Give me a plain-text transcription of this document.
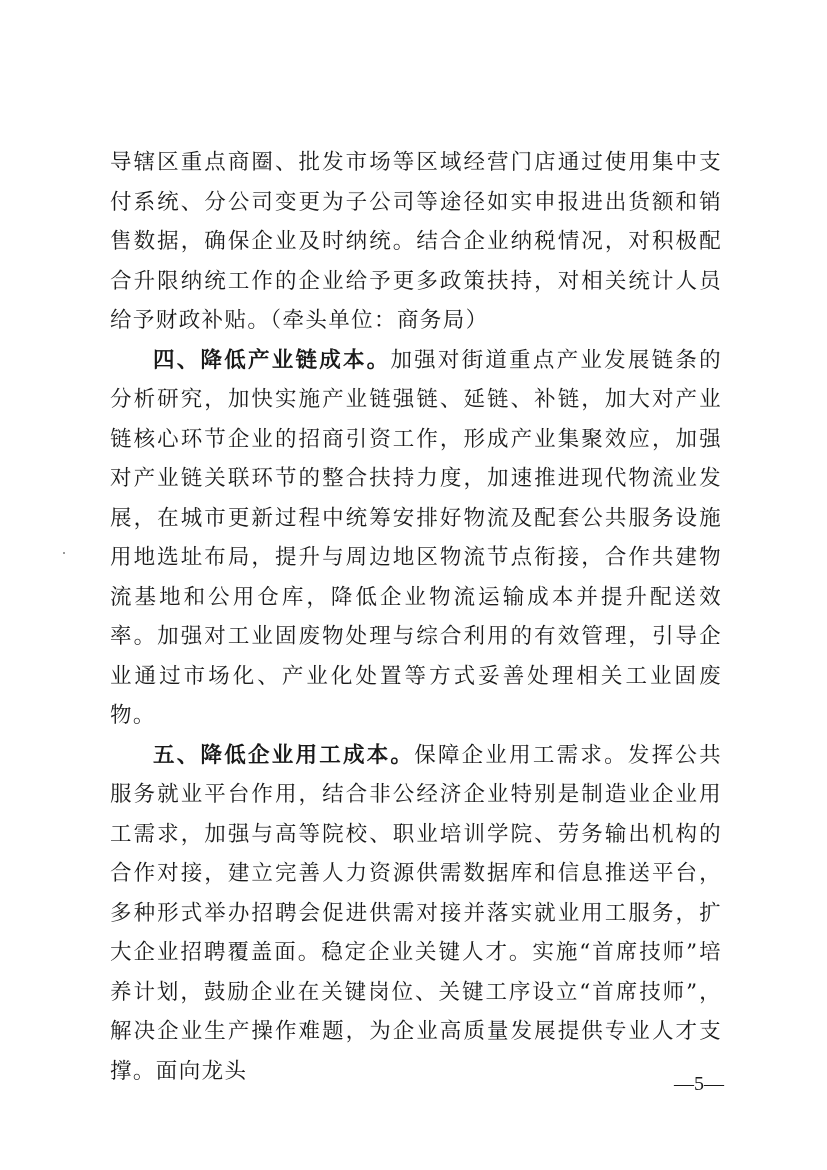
导辖区重点商圈、批发市场等区域经营门店通过使用集中支付系统、分公司变更为子公司等途径如实申报进出货额和销售数据，确保企业及时纳统。结合企业纳税情况，对积极配合升限纳统工作的企业给予更多政策扶持，对相关统计人员给予财政补贴。（牵头单位：商务局）

四、降低产业链成本。加强对街道重点产业发展链条的分析研究，加快实施产业链强链、延链、补链，加大对产业链核心环节企业的招商引资工作，形成产业集聚效应，加强对产业链关联环节的整合扶持力度，加速推进现代物流业发展，在城市更新过程中统筹安排好物流及配套公共服务设施用地选址布局，提升与周边地区物流节点衔接，合作共建物流基地和公用仓库，降低企业物流运输成本并提升配送效率。加强对工业固废物处理与综合利用的有效管理，引导企业通过市场化、产业化处置等方式妥善处理相关工业固废物。

五、降低企业用工成本。保障企业用工需求。发挥公共服务就业平台作用，结合非公经济企业特别是制造业企业用工需求，加强与高等院校、职业培训学院、劳务输出机构的合作对接，建立完善人力资源供需数据库和信息推送平台，多种形式举办招聘会促进供需对接并落实就业用工服务，扩大企业招聘覆盖面。稳定企业关键人才。实施“首席技师”培养计划，鼓励企业在关键岗位、关键工序设立“首席技师”，解决企业生产操作难题，为企业高质量发展提供专业人才支撑。面向龙头

—5—
